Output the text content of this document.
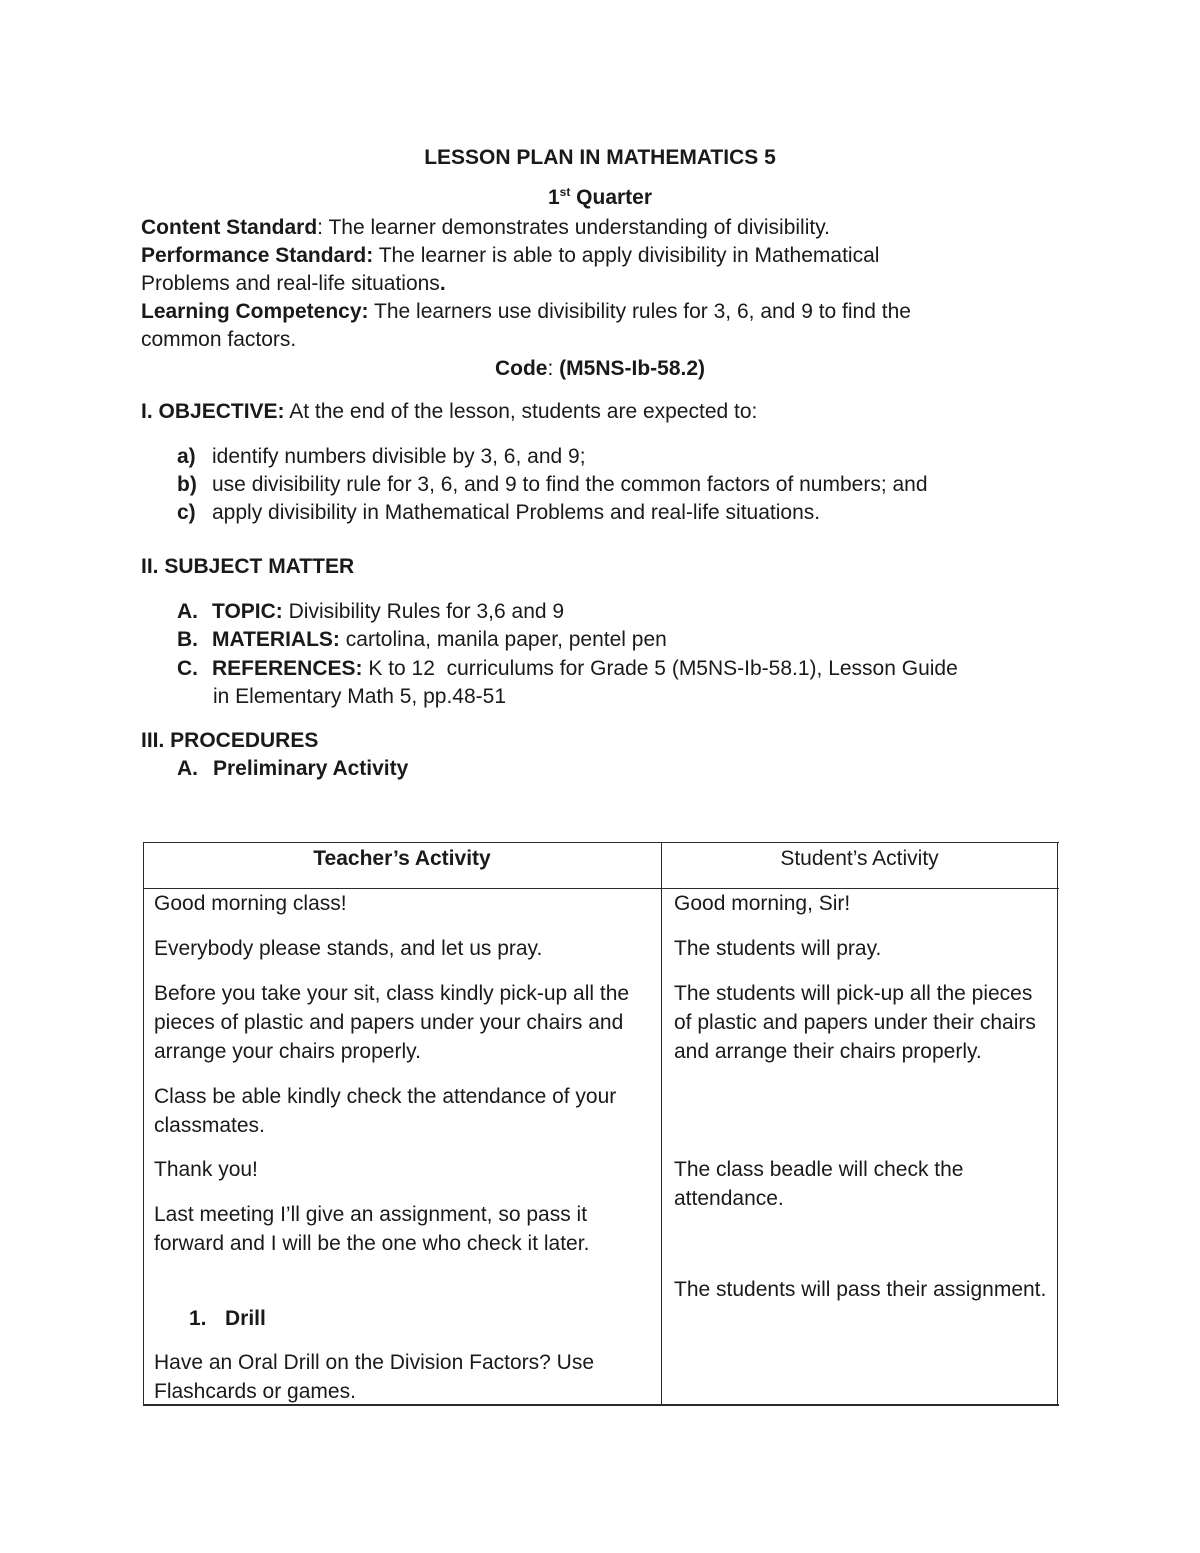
LESSON PLAN IN MATHEMATICS 5
1st Quarter
Content Standard: The learner demonstrates understanding of divisibility.
Performance Standard: The learner is able to apply divisibility in Mathematical
Problems and real-life situations.
Learning Competency: The learners use divisibility rules for 3, 6, and 9 to find the
common factors.
Code: (M5NS-Ib-58.2)
I. OBJECTIVE: At the end of the lesson, students are expected to:
a) identify numbers divisible by 3, 6, and 9;
b) use divisibility rule for 3, 6, and 9 to find the common factors of numbers; and
c) apply divisibility in Mathematical Problems and real-life situations.
II. SUBJECT MATTER
A. TOPIC: Divisibility Rules for 3,6 and 9
B. MATERIALS: cartolina, manila paper, pentel pen
C. REFERENCES: K to 12  curriculums for Grade 5 (M5NS-Ib-58.1), Lesson Guide
in Elementary Math 5, pp.48-51
III. PROCEDURES
A. Preliminary Activity
Teacher’s Activity	Student’s Activity
Good morning class!
Everybody please stands, and let us pray.
Before you take your sit, class kindly pick-up all the pieces of plastic and papers under your chairs and arrange your chairs properly.
Class be able kindly check the attendance of your classmates.
Thank you!
Last meeting I’ll give an assignment, so pass it forward and I will be the one who check it later.
1. Drill
Have an Oral Drill on the Division Factors? Use Flashcards or games.
Good morning, Sir!
The students will pray.
The students will pick-up all the pieces of plastic and papers under their chairs and arrange their chairs properly.
The class beadle will check the attendance.
The students will pass their assignment.
